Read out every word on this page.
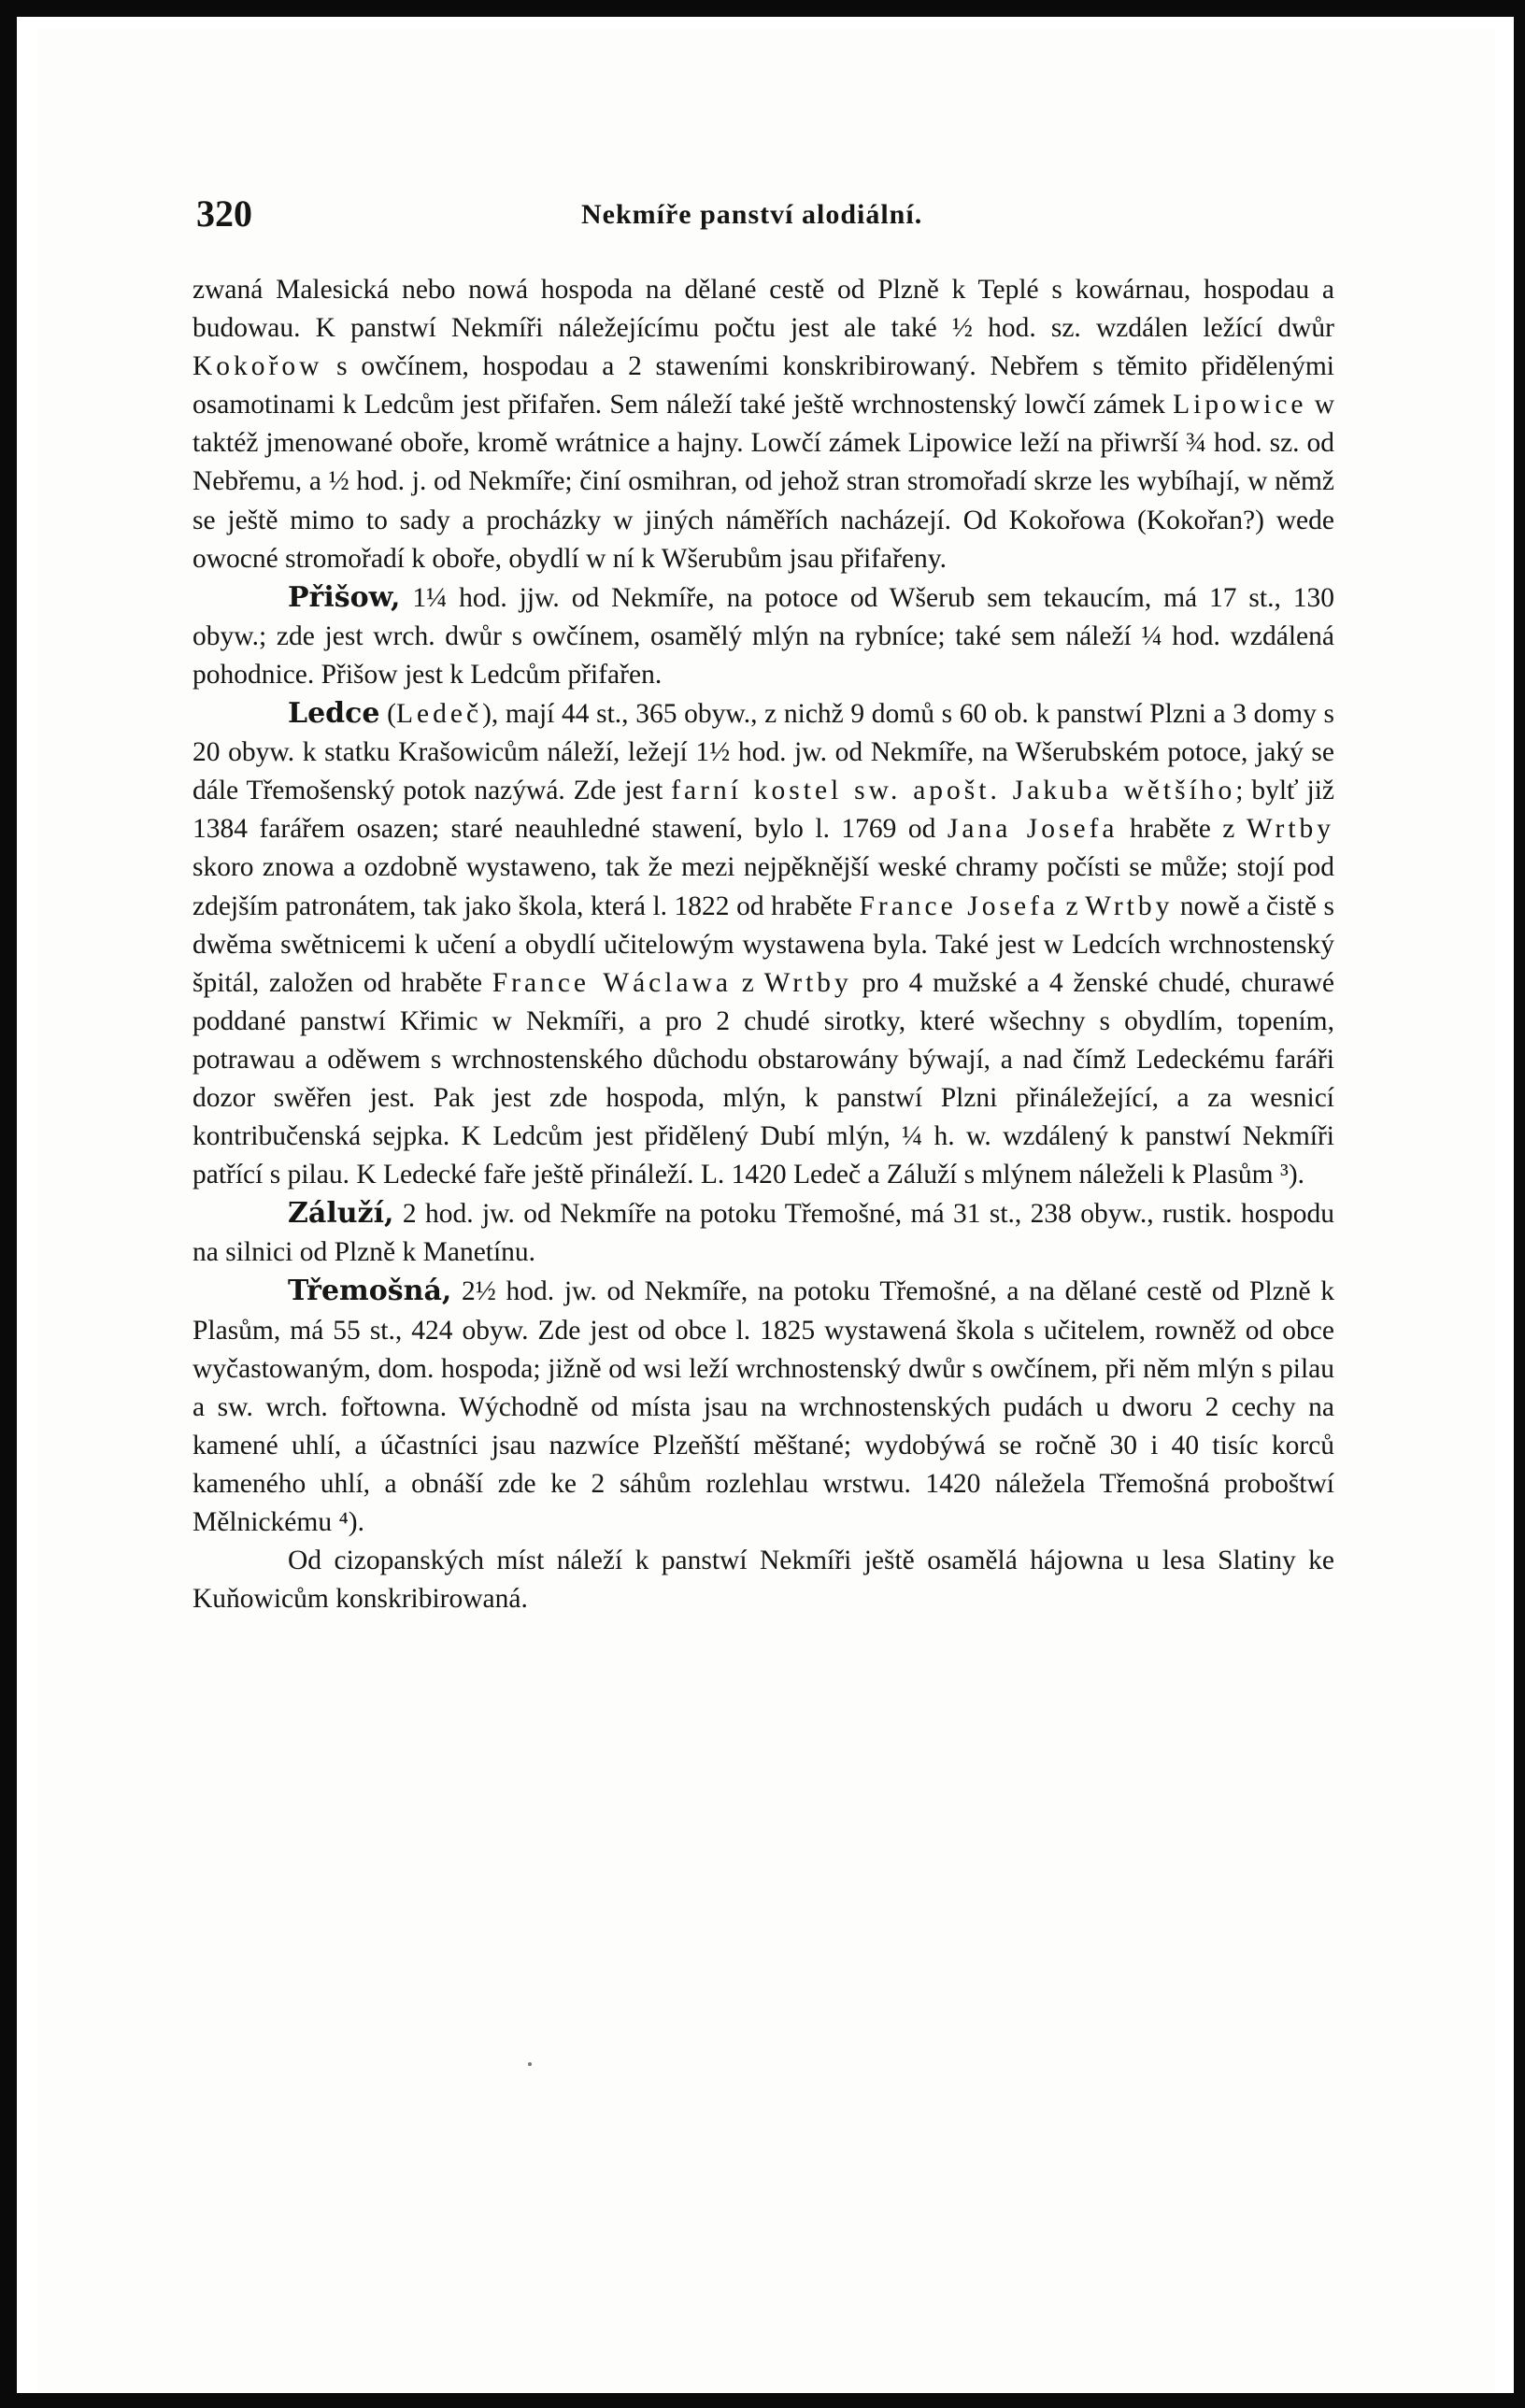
320	Nekmíře panství alodiální.

zwaná Malesická nebo nowá hospoda na dělané cestě od Plzně k Teplé s kowárnau, hospodau a budowau. K panstwí Nekmíři náležejícímu počtu jest ale také ½ hod. sz. wzdálen ležící dwůr Kokořow s owčínem, hospodau a 2 staweními konskribirowaný. Nebřem s těmito přidělenými osamotinami k Ledcům jest přifařen. Sem náleží také ještě wrchnostenský lowčí zámek Lipowice w taktéž jmenowané oboře, kromě wrátnice a hajny. Lowčí zámek Lipowice leží na přiwrší ¾ hod. sz. od Nebřemu, a ½ hod. j. od Nekmíře; činí osmihran, od jehož stran stromořadí skrze les wybíhají, w němž se ještě mimo to sady a procházky w jiných náměřích nacházejí. Od Kokořowa (Kokořan?) wede owocné stromořadí k oboře, obydlí w ní k Wšerubům jsau přifařeny.

Přišow, 1¼ hod. jjw. od Nekmíře, na potoce od Wšerub sem tekaucím, má 17 st., 130 obyw.; zde jest wrch. dwůr s owčínem, osamělý mlýn na rybníce; také sem náleží ¼ hod. wzdálená pohodnice. Přišow jest k Ledcům přifařen.

Ledce (Ledeč), mají 44 st., 365 obyw., z nichž 9 domů s 60 ob. k panstwí Plzni a 3 domy s 20 obyw. k statku Krašowicům náleží, ležejí 1½ hod. jw. od Nekmíře, na Wšerubském potoce, jaký se dále Třemošenský potok nazýwá. Zde jest farní kostel sw. apošt. Jakuba wětšího; bylť již 1384 farářem osazen; staré neauhledné stawení, bylo l. 1769 od Jana Josefa hraběte z Wrtby skoro znowa a ozdobně wystaweno, tak že mezi nejpěknější weské chramy počísti se může; stojí pod zdejším patronátem, tak jako škola, která l. 1822 od hraběte France Josefa z Wrtby nowě a čistě s dwěma swětnicemi k učení a obydlí učitelowým wystawena byla. Také jest w Ledcích wrchnostenský špitál, založen od hraběte France Wáclawa z Wrtby pro 4 mužské a 4 ženské chudé, churawé poddané panstwí Křimic w Nekmíři, a pro 2 chudé sirotky, které wšechny s obydlím, topením, potrawau a oděwem s wrchnostenského důchodu obstarowány býwají, a nad čímž Ledeckému faráři dozor swěřen jest. Pak jest zde hospoda, mlýn, k panstwí Plzni přináležející, a za wesnicí kontribučenská sejpka. K Ledcům jest přidělený Dubí mlýn, ¼ h. w. wzdálený k panstwí Nekmíři patřící s pilau. K Ledecké faře ještě přináleží. L. 1420 Ledeč a Záluží s mlýnem náleželi k Plasům ³).

Záluží, 2 hod. jw. od Nekmíře na potoku Třemošné, má 31 st., 238 obyw., rustik. hospodu na silnici od Plzně k Manetínu.

Třemošná, 2½ hod. jw. od Nekmíře, na potoku Třemošné, a na dělané cestě od Plzně k Plasům, má 55 st., 424 obyw. Zde jest od obce l. 1825 wystawená škola s učitelem, rowněž od obce wyčastowaným, dom. hospoda; jižně od wsi leží wrchnostenský dwůr s owčínem, při něm mlýn s pilau a sw. wrch. fořtowna. Wýchodně od místa jsau na wrchnostenských pudách u dworu 2 cechy na kamené uhlí, a účastníci jsau nazwíce Plzeňští měštané; wydobýwá se ročně 30 i 40 tisíc korců kameného uhlí, a obnáší zde ke 2 sáhům rozlehlau wrstwu. 1420 náležela Třemošná proboštwí Mělnickému ⁴).

Od cizopanských míst náleží k panstwí Nekmíři ještě osamělá hájowna u lesa Slatiny ke Kuňowicům konskribirowaná.
